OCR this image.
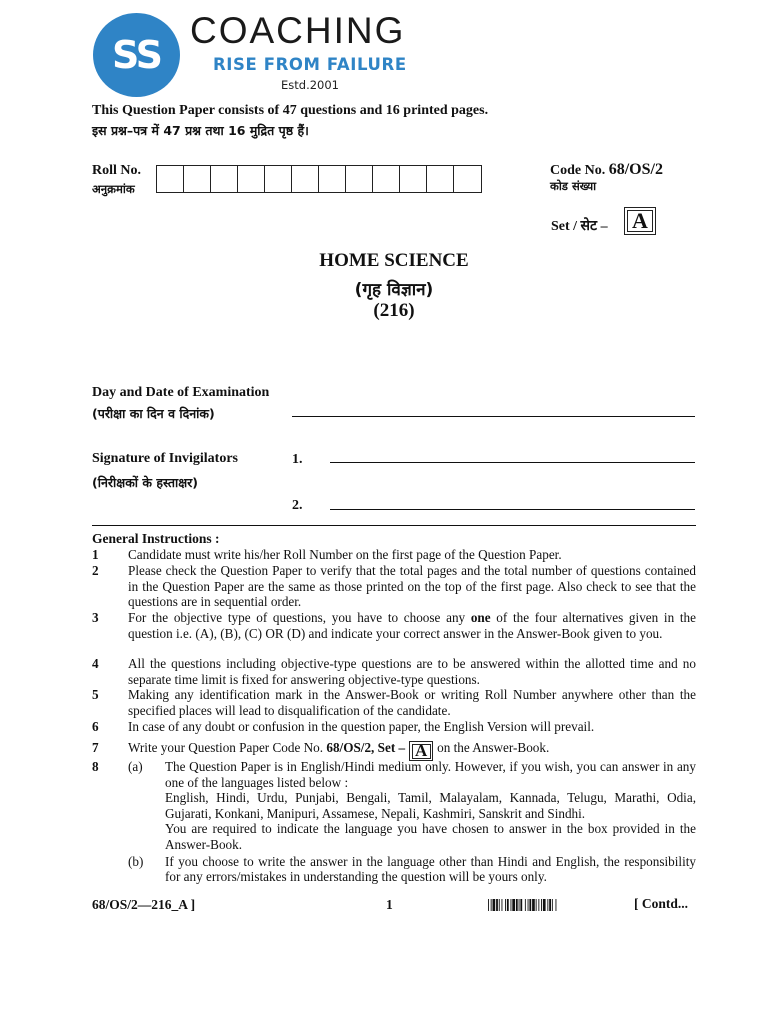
SS
COACHING
RISE FROM FAILURE
Estd.2001
This Question Paper consists of 47 questions and 16 printed pages.
इस प्रश्न–पत्र में 47 प्रश्न तथा 16 मुद्रित पृष्ठ हैं।
Roll No.
अनुक्रमांक
Code No. 68/OS/2
कोड संख्या
Set / सेट – A
HOME SCIENCE
(गृह विज्ञान)
(216)
Day and Date of Examination
(परीक्षा का दिन व दिनांक)
Signature of Invigilators
(निरीक्षकों के हस्ताक्षर)
1.
2.
General Instructions :
1 Candidate must write his/her Roll Number on the first page of the Question Paper.
2 Please check the Question Paper to verify that the total pages and the total number of questions contained in the Question Paper are the same as those printed on the top of the first page. Also check to see that the questions are in sequential order.
3 For the objective type of questions, you have to choose any one of the four alternatives given in the question i.e. (A), (B), (C) OR (D) and indicate your correct answer in the Answer-Book given to you.
4 All the questions including objective-type questions are to be answered within the allotted time and no separate time limit is fixed for answering objective-type questions.
5 Making any identification mark in the Answer-Book or writing Roll Number anywhere other than the specified places will lead to disqualification of the candidate.
6 In case of any doubt or confusion in the question paper, the English Version will prevail.
7 Write your Question Paper Code No. 68/OS/2, Set – A on the Answer-Book.
8 (a)	The Question Paper is in English/Hindi medium only. However, if you wish, you can answer in any one of the languages listed below :
English, Hindi, Urdu, Punjabi, Bengali, Tamil, Malayalam, Kannada, Telugu, Marathi, Odia, Gujarati, Konkani, Manipuri, Assamese, Nepali, Kashmiri, Sanskrit and Sindhi.
You are required to indicate the language you have chosen to answer in the box provided in the Answer-Book.
(b)	If you choose to write the answer in the language other than Hindi and English, the responsibility for any errors/mistakes in understanding the question will be yours only.
68/OS/2—216_A ]	1	[ Contd...
